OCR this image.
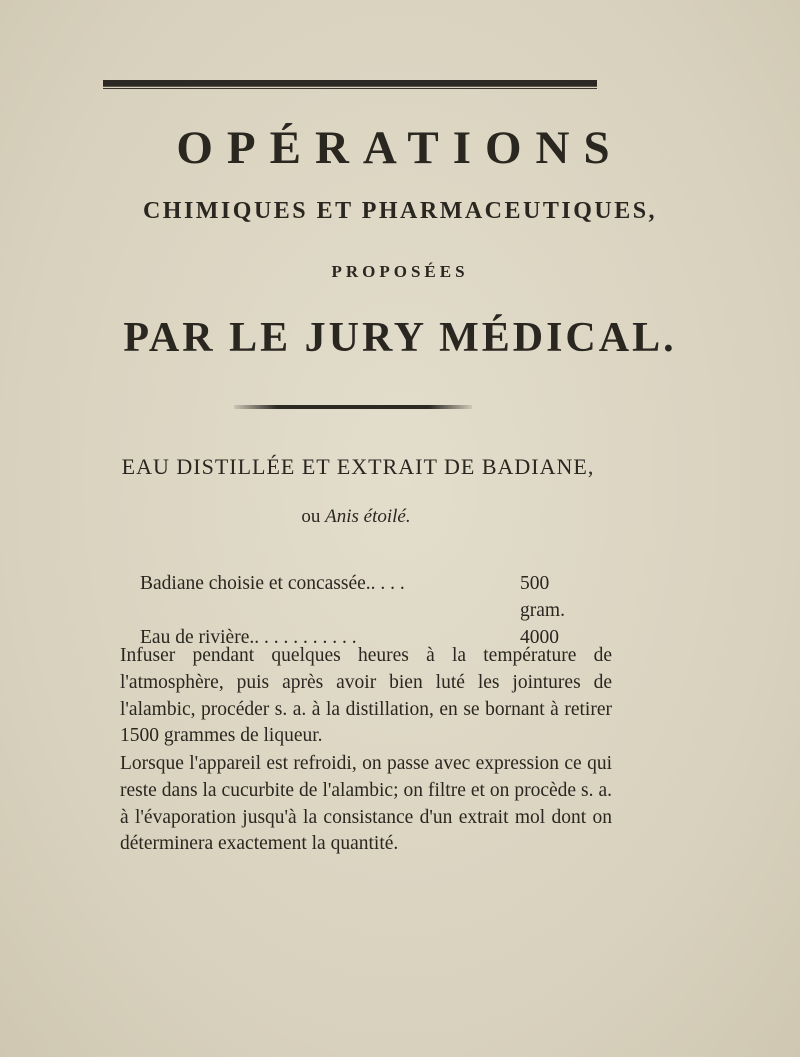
OPÉRATIONS
CHIMIQUES ET PHARMACEUTIQUES,
PROPOSÉES
PAR LE JURY MÉDICAL.
EAU DISTILLÉE ET EXTRAIT DE BADIANE,
ou Anis étoilé.
Badiane choisie et concassée.. . . .	500 gram.
Eau de rivière.. . . . . . . . . . .	4000

Infuser pendant quelques heures à la température de l'atmosphère, puis après avoir bien luté les jointures de l'alambic, procéder s. a. à la distillation, en se bornant à retirer 1500 grammes de liqueur.

Lorsque l'appareil est refroidi, on passe avec expression ce qui reste dans la cucurbite de l'alambic; on filtre et on procède s. a. à l'évaporation jusqu'à la consistance d'un extrait mol dont on déterminera exactement la quantité.
